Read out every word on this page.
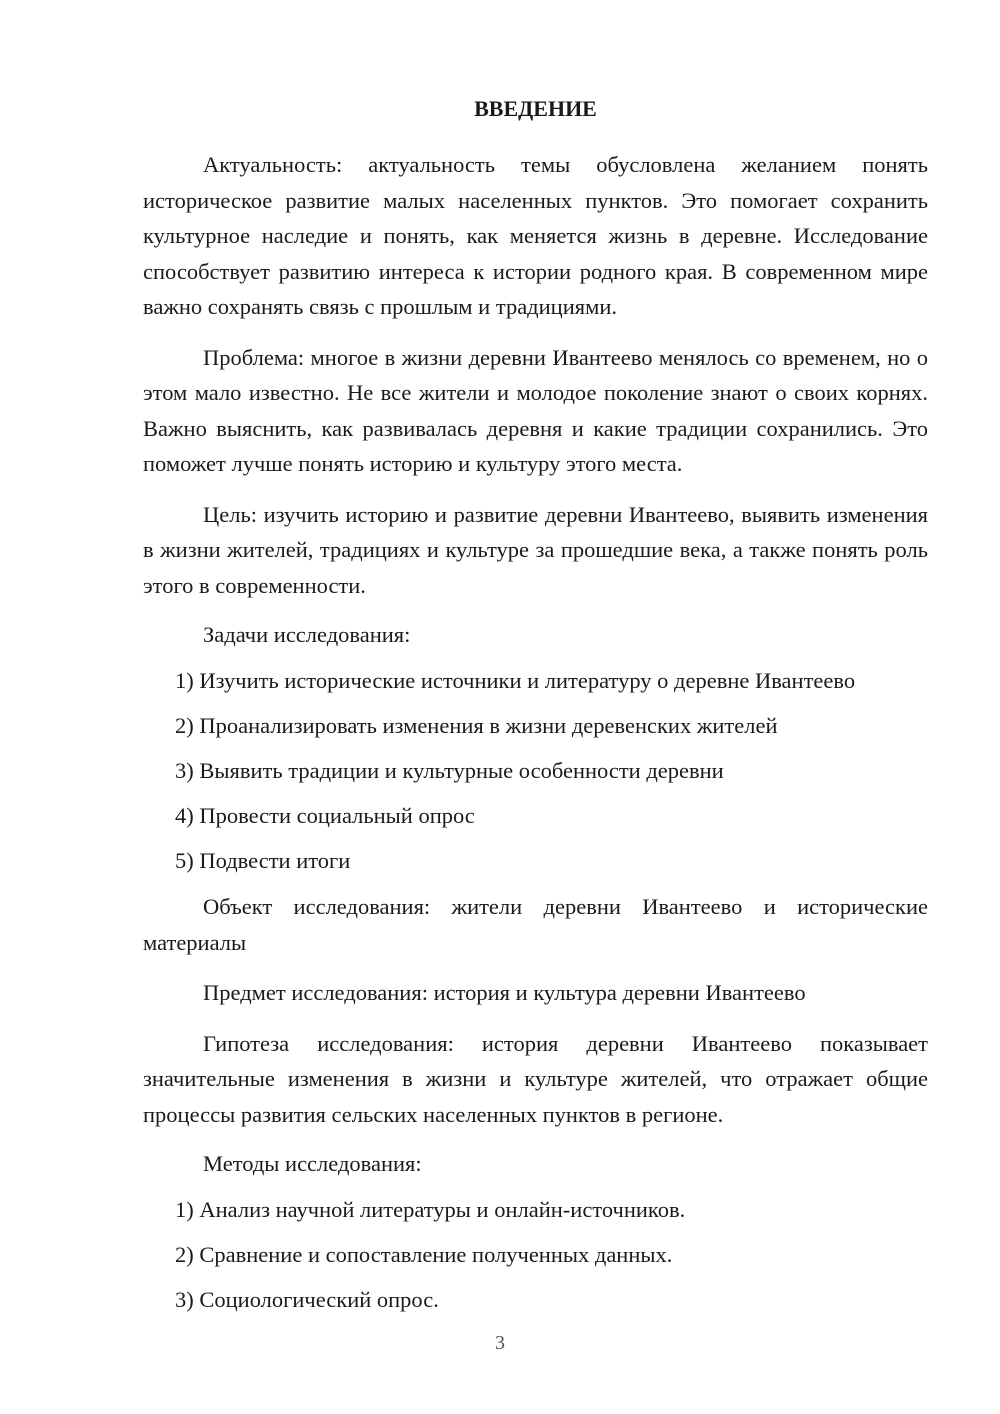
ВВЕДЕНИЕ

Актуальность: актуальность темы обусловлена желанием понять историческое развитие малых населенных пунктов. Это помогает сохранить культурное наследие и понять, как меняется жизнь в деревне. Исследование способствует развитию интереса к истории родного края. В современном мире важно сохранять связь с прошлым и традициями.

Проблема: многое в жизни деревни Ивантеево менялось со временем, но о этом мало известно. Не все жители и молодое поколение знают о своих корнях. Важно выяснить, как развивалась деревня и какие традиции сохранились. Это поможет лучше понять историю и культуру этого места.

Цель: изучить историю и развитие деревни Ивантеево, выявить изменения в жизни жителей, традициях и культуре за прошедшие века, а также понять роль этого в современности.

Задачи исследования:

1) Изучить исторические источники и литературу о деревне Ивантеево
2) Проанализировать изменения в жизни деревенских жителей
3) Выявить традиции и культурные особенности деревни
4) Провести социальный опрос
5) Подвести итоги

Объект исследования: жители деревни Ивантеево и исторические материалы

Предмет исследования: история и культура деревни Ивантеево

Гипотеза исследования: история деревни Ивантеево показывает значительные изменения в жизни и культуре жителей, что отражает общие процессы развития сельских населенных пунктов в регионе.

Методы исследования:

1) Анализ научной литературы и онлайн-источников.
2) Сравнение и сопоставление полученных данных.
3) Социологический опрос.
3
